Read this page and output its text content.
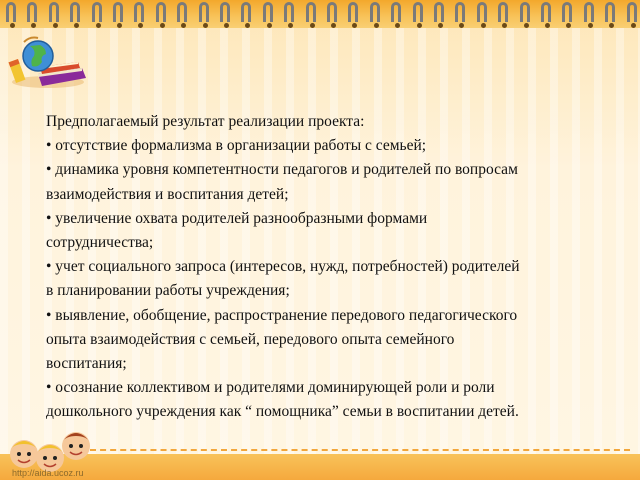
Предполагаемый результат реализации проекта:

• отсутствие формализма в организации работы с семьей;

• динамика уровня компетентности педагогов и родителей по вопросам

взаимодействия и воспитания детей;

• увеличение охвата родителей разнообразными формами

сотрудничества;

• учет социального запроса (интересов, нужд, потребностей) родителей

в планировании работы учреждения;

• выявление, обобщение, распространение передового педагогического

опыта взаимодействия с семьей, передового опыта семейного

воспитания;

• осознание коллективом и родителями доминирующей роли и роли

дошкольного учреждения как “ помощника” семьи в воспитании детей.

http://aida.ucoz.ru
